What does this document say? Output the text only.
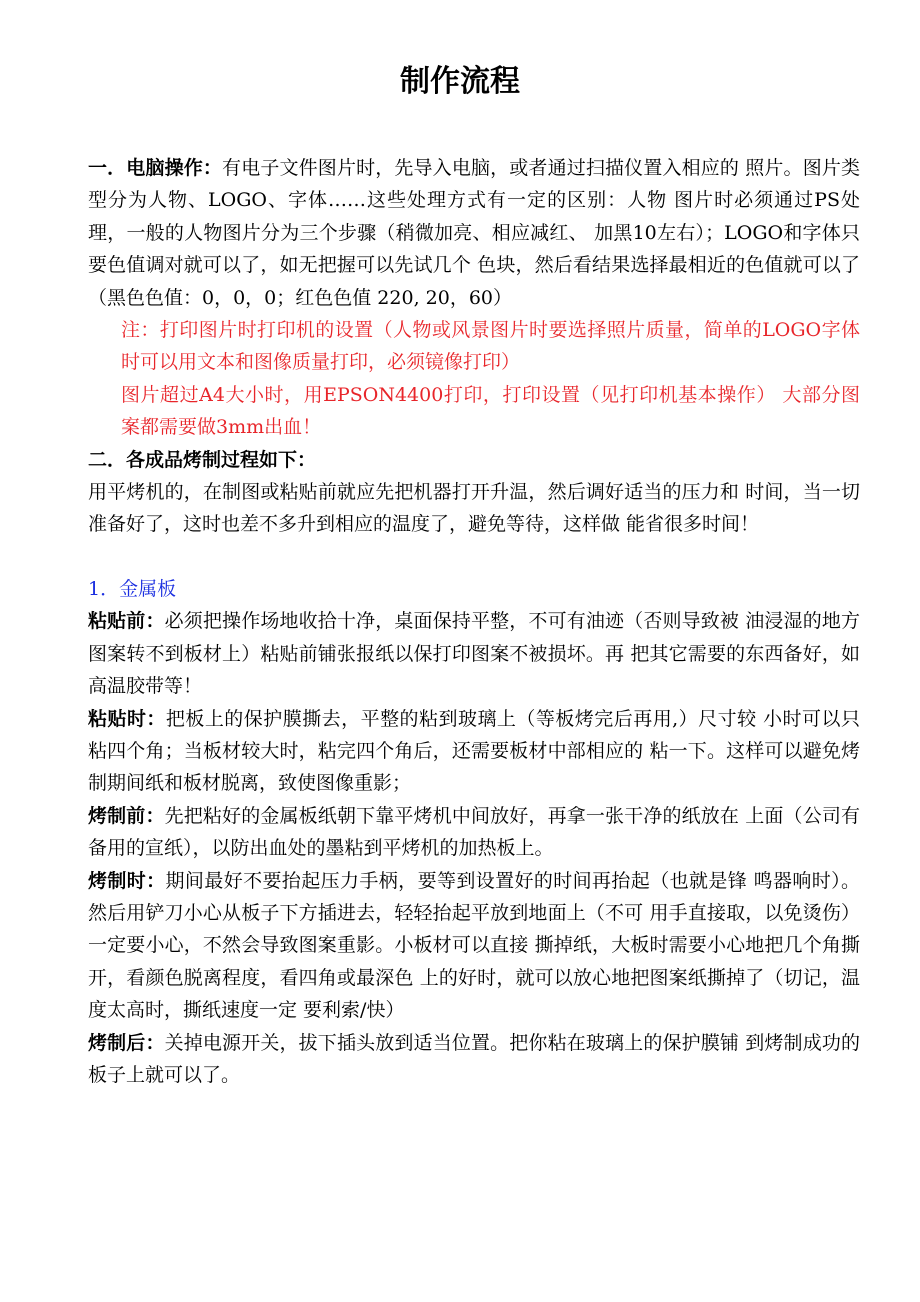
制作流程

一．电脑操作：有电子文件图片时，先导入电脑，或者通过扫描仪置入相应的 照片。图片类型分为人物、LOGO、字体……这些处理方式有一定的区别：人物 图片时必须通过PS处理，一般的人物图片分为三个步骤（稍微加亮、相应减红、 加黑10左右）；LOGO和字体只要色值调对就可以了，如无把握可以先试几个 色块，然后看结果选择最相近的色值就可以了（黑色色值：0，0，0；红色色值 220, 20，60）

注：打印图片时打印机的设置（人物或风景图片时要选择照片质量，简单的LOGO字体时可以用文本和图像质量打印，必须镜像打印）

图片超过A4大小时，用EPSON4400打印，打印设置（见打印机基本操作） 大部分图案都需要做3mm出血！

二．各成品烤制过程如下：

用平烤机的，在制图或粘贴前就应先把机器打开升温，然后调好适当的压力和 时间，当一切准备好了，这时也差不多升到相应的温度了，避免等待，这样做 能省很多时间！

1．金属板

粘贴前：必须把操作场地收拾十净，桌面保持平整，不可有油迹（否则导致被 油浸湿的地方图案转不到板材上）粘贴前铺张报纸以保打印图案不被损坏。再 把其它需要的东西备好，如高温胶带等！

粘贴时：把板上的保护膜撕去，平整的粘到玻璃上（等板烤完后再用,）尺寸较 小时可以只粘四个角；当板材较大时，粘完四个角后，还需要板材中部相应的 粘一下。这样可以避免烤制期间纸和板材脱离，致使图像重影；

烤制前：先把粘好的金属板纸朝下靠平烤机中间放好，再拿一张干净的纸放在 上面（公司有备用的宣纸），以防出血处的墨粘到平烤机的加热板上。

烤制时：期间最好不要抬起压力手柄，要等到设置好的时间再抬起（也就是锋 鸣器响时）。然后用铲刀小心从板子下方插进去，轻轻抬起平放到地面上（不可 用手直接取，以免烫伤）一定要小心，不然会导致图案重影。小板材可以直接 撕掉纸，大板时需要小心地把几个角撕开，看颜色脱离程度，看四角或最深色 上的好时，就可以放心地把图案纸撕掉了（切记，温度太高时，撕纸速度一定 要利索/快）

烤制后：关掉电源开关，拔下插头放到适当位置。把你粘在玻璃上的保护膜铺 到烤制成功的板子上就可以了。
